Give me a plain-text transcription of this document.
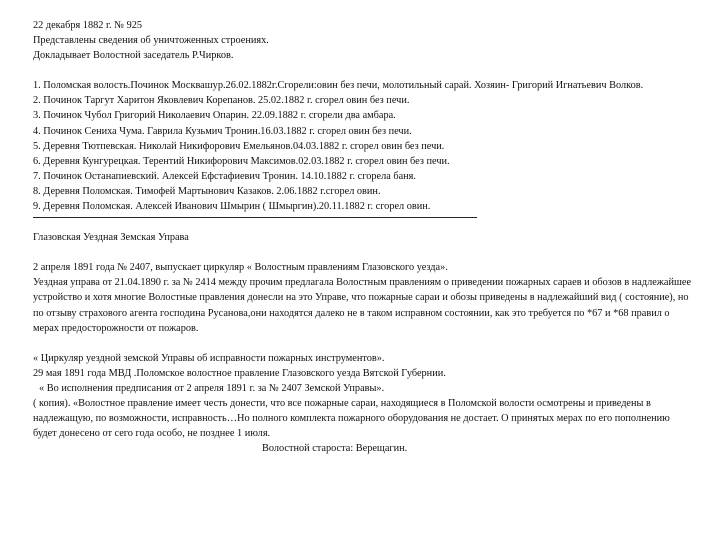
22 декабря 1882 г. № 925
Представлены сведения об уничтоженных строениях.
Докладывает Волостной заседатель Р.Чирков.
1. Поломская волость.Починок Москвашур.26.02.1882г.Сгорели:овин без печи, молотильный сарай. Хозяин- Григорий Игнатьевич Волков.
2. Починок Таргут Харитон Яковлевич Корепанов. 25.02.1882 г. сгорел овин без печи.
3. Починок Чубол Григорий Николаевич Опарин. 22.09.1882 г. сгорели два амбара.
4. Починок Сениха Чума. Гаврила Кузьмич Тронин.16.03.1882 г. сгорел овин без печи.
5. Деревня Тютпевская. Николай Никифорович Емельянов.04.03.1882 г. сгорел овин без печи.
6. Деревня Кунгурецкая. Терентий Никифорович Максимов.02.03.1882 г. сгорел овин без печи.
7. Починок Останапиевский. Алексей Ефстафиевич Тронин. 14.10.1882 г. сгорела баня.
8. Деревня Поломская. Тимофей Мартынович Казаков. 2.06.1882 г.сгорел овин.
9. Деревня Поломская. Алексей Иванович Шмырин ( Шмыргин).20.11.1882 г. сгорел овин.
Глазовская Уездная Земская Управа
2 апреля 1891 года № 2407, выпускает циркуляр « Волостным правлениям Глазовского уезда».
Уездная управа от 21.04.1890 г. за № 2414 между прочим предлагала Волостным правлениям о приведении пожарных сараев и обозов в надлежайшее устройство и хотя многие Волостные правления донесли на это Управе, что пожарные сараи и обозы приведены в надлежайший вид ( состояние), но по отзыву страхового агента господина Русанова,они находятся далеко не в таком исправном состоянии, как это требуется по *67 и *68 правил о мерах предосторожности от пожаров.
« Циркуляр уездной земской Управы об исправности пожарных инструментов».
29 мая 1891 года МВД .Поломское волостное правление Глазовского уезда Вятской Губернии.
« Во исполнения предписания от 2 апреля 1891 г. за № 2407 Земской Управы».
( копия). «Волостное правление имеет честь донести, что все пожарные сараи, находящиеся в Поломской волости осмотрены и приведены в надлежащую, по возможности, исправность…Но полного комплекта пожарного оборудования не достает. О принятых мерах по его пополнению будет донесено от сего года особо, не позднее 1 июля.
Волостной староста: Верещагин.
